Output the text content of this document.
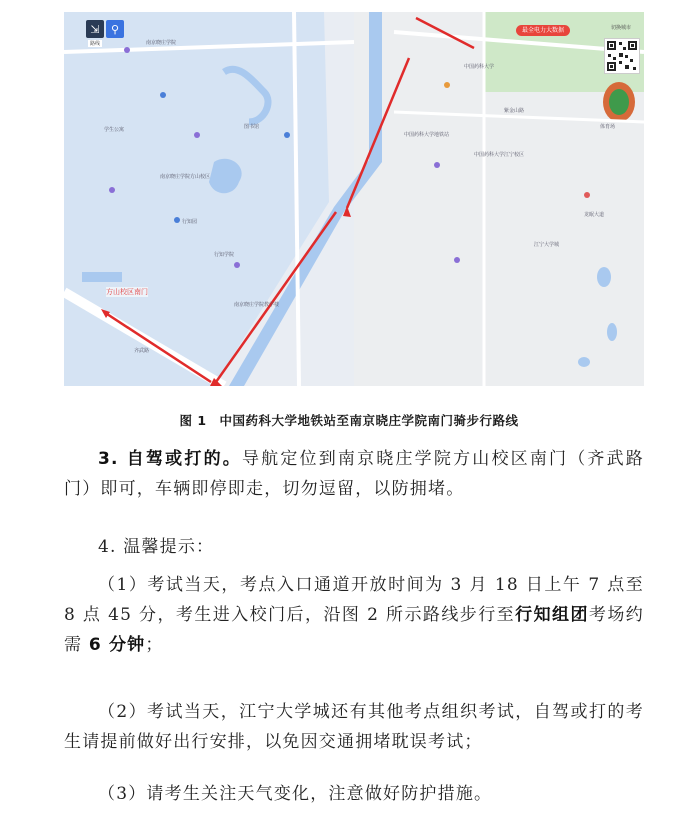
南京晓庄学院
行知园
图书馆
中国药科大学
中国药科大学地铁站
南京晓庄学院方山校区
齐武路
紫金山路
行知学院
学生公寓	体育场
南京晓庄学院教学楼
中国药科大学江宁校区
江宁大学城
龙眠大道
⇲	⚲
路线
最全电力大数据	切换城市
方山校区南门
图 1　中国药科大学地铁站至南京晓庄学院南门骑步行路线
3. 自驾或打的。导航定位到南京晓庄学院方山校区南门（齐武路门）即可，车辆即停即走，切勿逗留，以防拥堵。
4. 温馨提示：
（1）考试当天，考点入口通道开放时间为 3 月 18 日上午 7 点至 8 点 45 分，考生进入校门后，沿图 2 所示路线步行至行知组团考场约需 6 分钟；
（2）考试当天，江宁大学城还有其他考点组织考试，自驾或打的考生请提前做好出行安排，以免因交通拥堵耽误考试；
（3）请考生关注天气变化，注意做好防护措施。
